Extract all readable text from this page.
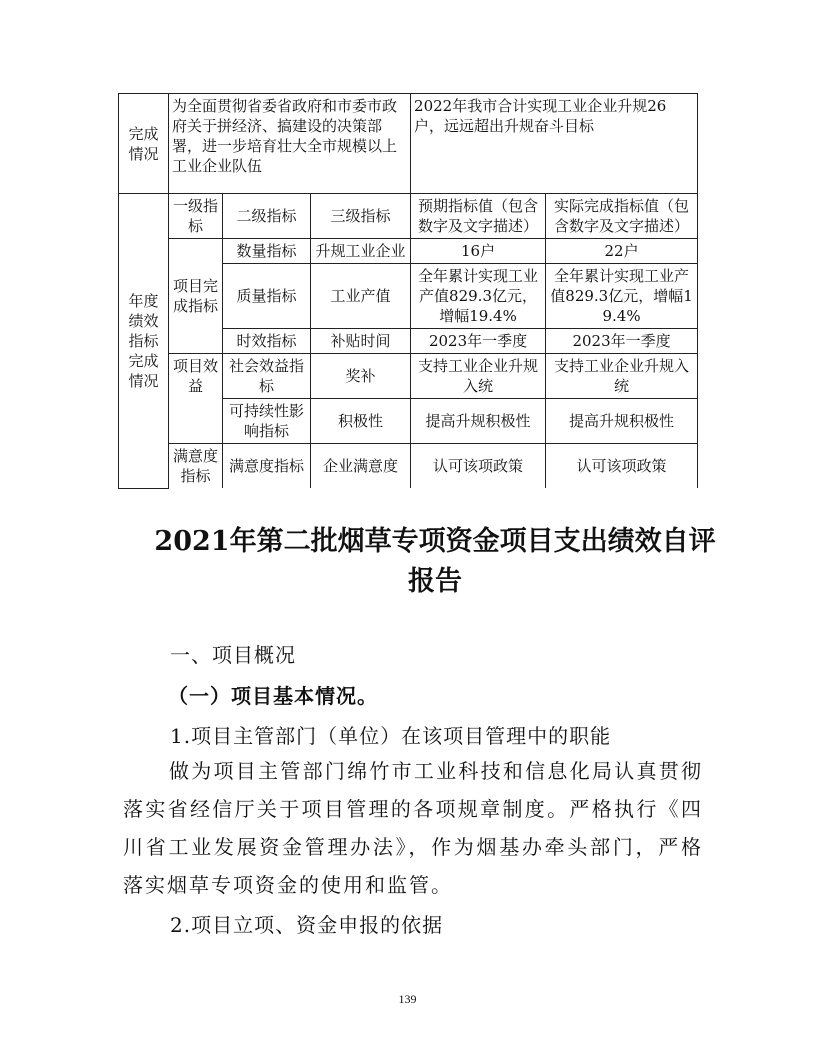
完成
情况	为全面贯彻省委省政府和市委市政府关于拼经济、搞建设的决策部署，进一步培育壮大全市规模以上工业企业队伍			2022年我市合计实现工业企业升规26户，远远超出升规奋斗目标	
年度
绩效
指标
完成
情况	一级指标	二级指标	三级指标	预期指标值（包含数字及文字描述）	实际完成指标值（包含数字及文字描述）
	项目完成指标	数量指标	升规工业企业	16户	22户
		质量指标	工业产值	全年累计实现工业产值829.3亿元，增幅19.4%	全年累计实现工业产值829.3亿元，增幅19.4%
		时效指标	补贴时间	2023年一季度	2023年一季度
	项目效益	社会效益指标	奖补	支持工业企业升规入统	支持工业企业升规入统
		可持续性影响指标	积极性	提高升规积极性	提高升规积极性
	满意度指标	满意度指标	企业满意度	认可该项政策	认可该项政策
2021年第二批烟草专项资金项目支出绩效自评报告

一、项目概况

（一）项目基本情况。

1.项目主管部门（单位）在该项目管理中的职能

做为项目主管部门绵竹市工业科技和信息化局认真贯彻落实省经信厅关于项目管理的各项规章制度。严格执行《四川省工业发展资金管理办法》，作为烟基办牵头部门，严格落实烟草专项资金的使用和监管。

2.项目立项、资金申报的依据

139
